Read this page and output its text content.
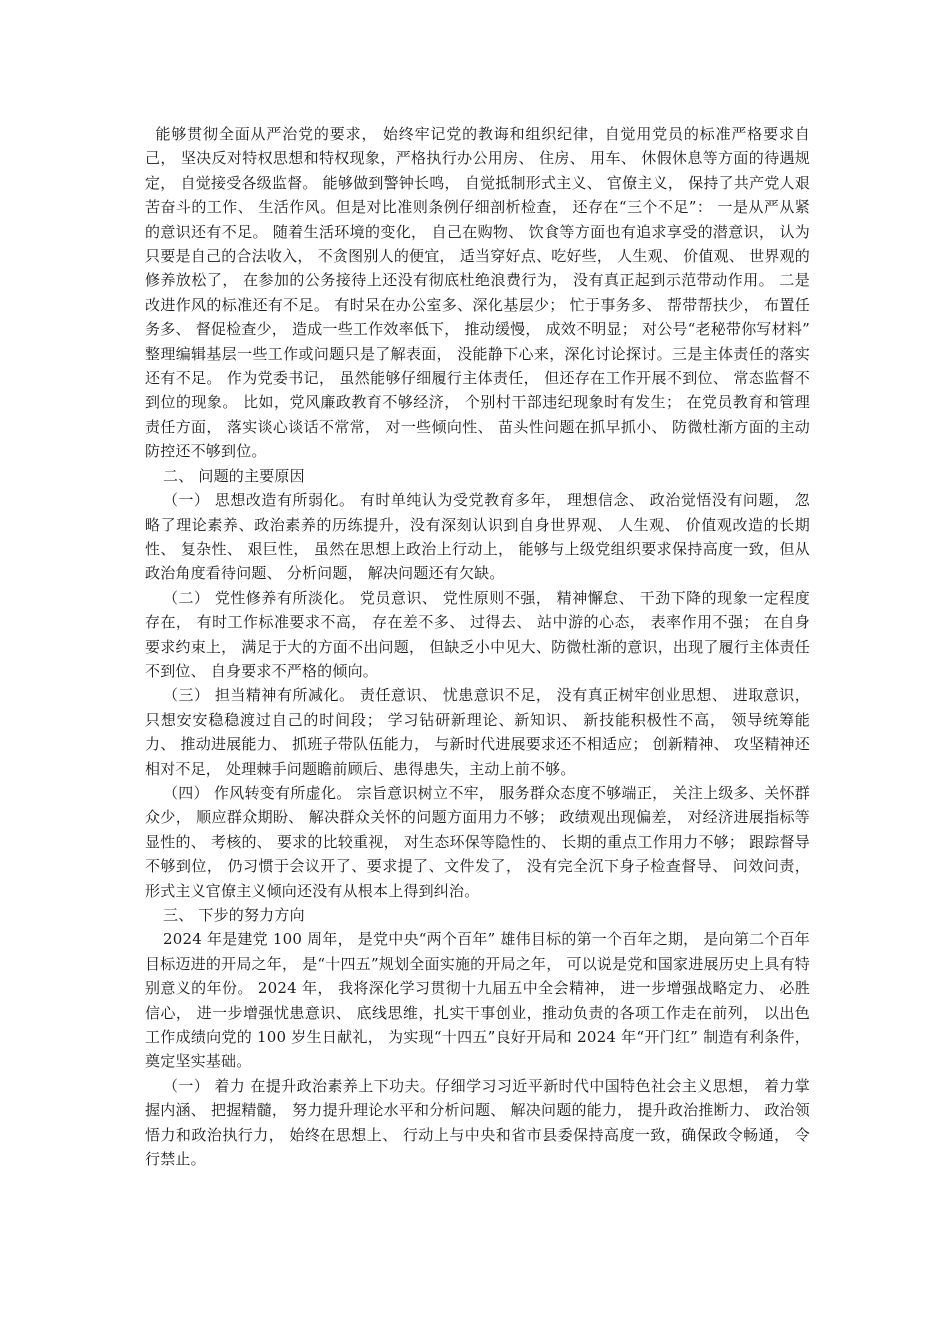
能够贯彻全面从严治党的要求， 始终牢记党的教诲和组织纪律，自觉用党员的标准严格要求自己， 坚决反对特权思想和特权现象，严格执行办公用房、 住房、 用车、 休假休息等方面的待遇规定， 自觉接受各级监督。 能够做到警钟长鸣， 自觉抵制形式主义、 官僚主义， 保持了共产党人艰苦奋斗的工作、 生活作风。但是对比准则条例仔细剖析检查， 还存在“三个不足”： 一是从严从紧的意识还有不足。 随着生活环境的变化， 自己在购物、 饮食等方面也有追求享受的潜意识， 认为只要是自己的合法收入， 不贪图别人的便宜， 适当穿好点、吃好些， 人生观、 价值观、 世界观的修养放松了， 在参加的公务接待上还没有彻底杜绝浪费行为， 没有真正起到示范带动作用。 二是改进作风的标准还有不足。 有时呆在办公室多、深化基层少； 忙于事务多、 帮带帮扶少， 布置任务多、 督促检查少， 造成一些工作效率低下， 推动缓慢， 成效不明显； 对公号“老秘带你写材料” 整理编辑基层一些工作或问题只是了解表面， 没能静下心来，深化讨论探讨。三是主体责任的落实还有不足。 作为党委书记， 虽然能够仔细履行主体责任， 但还存在工作开展不到位、 常态监督不到位的现象。 比如，党风廉政教育不够经济， 个别村干部违纪现象时有发生； 在党员教育和管理责任方面， 落实谈心谈话不常常， 对一些倾向性、 苗头性问题在抓早抓小、 防微杜渐方面的主动防控还不够到位。

二、 问题的主要原因

（一） 思想改造有所弱化。 有时单纯认为受党教育多年， 理想信念、 政治觉悟没有问题， 忽略了理论素养、政治素养的历练提升，没有深刻认识到自身世界观、 人生观、 价值观改造的长期性、 复杂性、 艰巨性， 虽然在思想上政治上行动上， 能够与上级党组织要求保持高度一致，但从政治角度看待问题、 分析问题， 解决问题还有欠缺。

（二） 党性修养有所淡化。 党员意识、 党性原则不强， 精神懈怠、 干劲下降的现象一定程度存在， 有时工作标准要求不高， 存在差不多、 过得去、 站中游的心态， 表率作用不强； 在自身要求约束上， 满足于大的方面不出问题， 但缺乏小中见大、防微杜渐的意识，出现了履行主体责任不到位、 自身要求不严格的倾向。

（三） 担当精神有所减化。 责任意识、 忧患意识不足， 没有真正树牢创业思想、 进取意识， 只想安安稳稳渡过自己的时间段； 学习钻研新理论、新知识、 新技能积极性不高， 领导统筹能力、 推动进展能力、 抓班子带队伍能力， 与新时代进展要求还不相适应； 创新精神、 攻坚精神还相对不足， 处理棘手问题瞻前顾后、患得患失，主动上前不够。

（四） 作风转变有所虚化。 宗旨意识树立不牢， 服务群众态度不够端正， 关注上级多、关怀群众少， 顺应群众期盼、 解决群众关怀的问题方面用力不够； 政绩观出现偏差， 对经济进展指标等显性的、 考核的、 要求的比较重视， 对生态环保等隐性的、 长期的重点工作用力不够； 跟踪督导不够到位， 仍习惯于会议开了、要求提了、文件发了， 没有完全沉下身子检查督导、 问效问责， 形式主义官僚主义倾向还没有从根本上得到纠治。

三、 下步的努力方向

2024 年是建党 100 周年， 是党中央“两个百年” 雄伟目标的第一个百年之期， 是向第二个百年目标迈进的开局之年， 是“十四五”规划全面实施的开局之年， 可以说是党和国家进展历史上具有特别意义的年份。 2024 年， 我将深化学习贯彻十九届五中全会精神， 进一步增强战略定力、 必胜信心， 进一步增强忧患意识、 底线思维，扎实干事创业，推动负责的各项工作走在前列， 以出色工作成绩向党的 100 岁生日献礼， 为实现“十四五”良好开局和 2024 年“开门红” 制造有利条件， 奠定坚实基础。

（一） 着力 在提升政治素养上下功夫。仔细学习习近平新时代中国特色社会主义思想， 着力掌握内涵、 把握精髓， 努力提升理论水平和分析问题、 解决问题的能力， 提升政治推断力、 政治领悟力和政治执行力， 始终在思想上、 行动上与中央和省市县委保持高度一致，确保政令畅通， 令行禁止。
